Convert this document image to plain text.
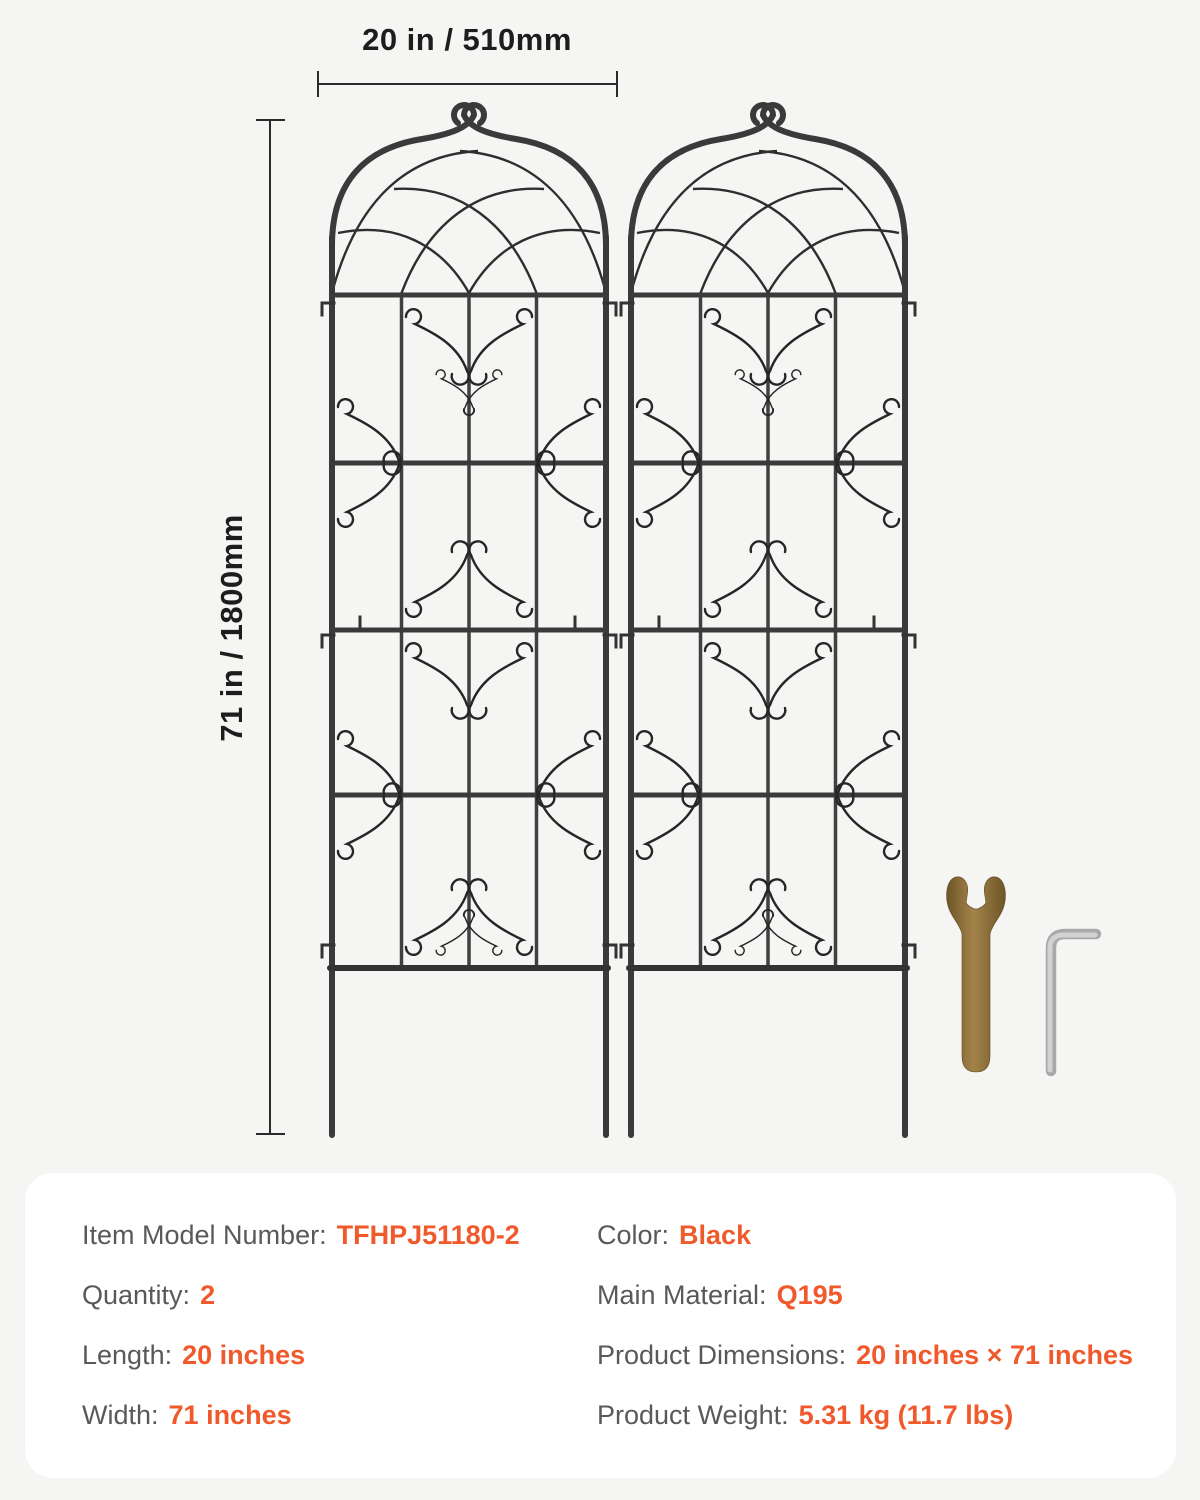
20 in / 510mm
71 in / 1800mm
Item Model Number: TFHPJ51180-2
Quantity: 2
Length: 20 inches
Width: 71 inches
Color: Black
Main Material: Q195
Product Dimensions: 20 inches × 71 inches
Product Weight: 5.31 kg (11.7 lbs)
